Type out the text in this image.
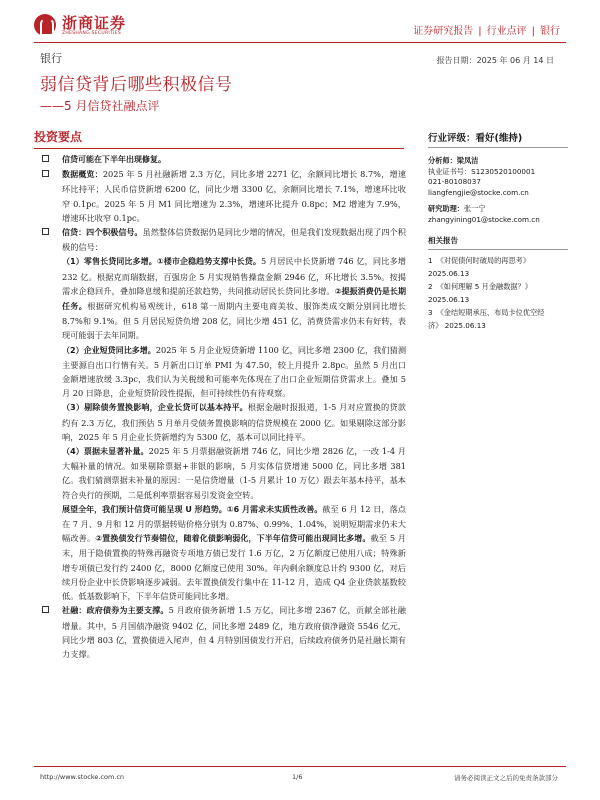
浙商证券
ZHESHANG SECURITIES	证券研究报告 | 行业点评 | 银行
银行	报告日期：2025 年 06 月 14 日
弱信贷背后哪些积极信号
——5 月信贷社融点评
投资要点
信贷可能在下半年出现修复。
数据概览：2025 年 5 月社融新增 2.3 万亿，同比多增 2271 亿，余额同比增长 8.7%，增速环比持平；人民币信贷新增 6200 亿，同比少增 3300 亿，余额同比增长 7.1%，增速环比收窄 0.1pc。2025 年 5 月 M1 同比增速为 2.3%，增速环比提升 0.8pc；M2 增速为 7.9%，增速环比收窄 0.1pc。
信贷：四个积极信号。虽然整体信贷数据仍是同比少增的情况，但是我们发现数据出现了四个积极的信号：
（1）零售长贷同比多增。①楼市企稳趋势支撑中长贷。5 月居民中长贷新增 746 亿，同比多增 232 亿。根据克而瑞数据，百强房企 5 月实现销售操盘金额 2946 亿，环比增长 3.5%。按揭需求企稳回升，叠加降息缓和提前还款趋势，共同推动居民长贷同比多增。②提振消费仍是长期任务。根据研究机构易观统计，618 第一周期内主要电商美妆、服饰类成交额分别同比增长 8.7%和 9.1%。但 5 月居民短贷负增 208 亿，同比少增 451 亿，消费贷需求仍未有好转，表现可能弱于去年同期。
（2）企业短贷同比多增。2025 年 5 月企业短贷新增 1100 亿，同比多增 2300 亿，我们猜测主要源自出口行情有关。5 月新出口订单 PMI 为 47.50，较上月提升 2.8pc。虽然 5 月出口金额增速放缓 3.3pc，我们认为关税缓和可能率先体现在了出口企业短期信贷需求上。叠加 5 月 20 日降息，企业短贷阶段性提振，但可持续性仍有待观察。
（3）剔除债务置换影响，企业长贷可以基本持平。根据金融时报报道，1-5 月对应置换的贷款约有 2.3 万亿，我们预估 5 月单月受债务置换影响的信贷规模在 2000 亿。如果剔除这部分影响，2025 年 5 月企业长贷新增约为 5300 亿，基本可以同比持平。
（4）票据未显著补量。2025 年 5 月票据融资新增 746 亿，同比少增 2826 亿，一改 1-4 月大幅补量的情况。如果剔除票据+非银的影响，5 月实体信贷增速 5000 亿，同比多增 381 亿。我们猜测票据未补量的原因：一是信贷增量（1-5 月累计 10 万亿）跟去年基本持平，基本符合央行的预期，二是低利率票据容易引发资金空转。
展望全年，我们预计信贷可能呈现 U 形趋势。①6 月需求未实质性改善。截至 6 月 12 日，落点在 7 月、9 月和 12 月的票据转贴价格分别为 0.87%、0.99%、1.04%，说明短期需求仍未大幅改善。②置换债发行节奏错位，随着化债影响弱化，下半年信贷可能出现同比多增。截至 5 月末，用于隐债置换的特殊再融资专项地方债已发行 1.6 万亿，2 万亿额度已使用八成；特殊新增专项债已发行约 2400 亿，8000 亿额度已使用 30%。年内剩余额度总计约 9300 亿，对后续月份企业中长贷影响逐步减弱。去年置换债发行集中在 11-12 月，造成 Q4 企业贷款基数较低。低基数影响下，下半年信贷可能同比多增。
社融：政府债券为主要支撑。5 月政府债务新增 1.5 万亿，同比多增 2367 亿，贡献全部社融增量。其中，5 月国债净融资 9402 亿，同比多增 2489 亿，地方政府债净融资 5546 亿元，同比少增 803 亿，置换债进入尾声，但 4 月特别国债发行开启，后续政府债务仍是社融长期有力支撑。
行业评级：看好(维持)
分析师：梁凤洁
执业证书号：S1230520100001
021-80108037
liangfengjie@stocke.com.cn
研究助理：张一宁
zhangyining01@stocke.com.cn
相关报告
1 《对促债何时破局的再思考》
2025.06.13
2 《如何理解 5 月金融数据？》
2025.06.13
3 《金结短期承压、布局卡位优空经济》 2025.06.13
http://www.stocke.com.cn	1/6	请务必阅读正文之后的免责条款部分
